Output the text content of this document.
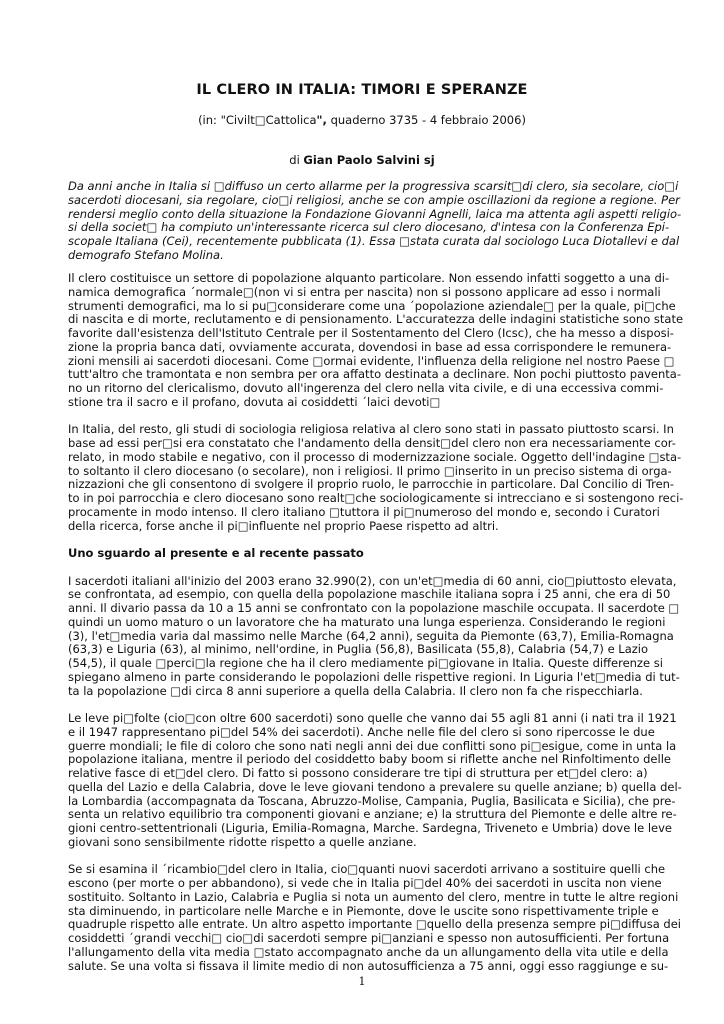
IL CLERO IN ITALIA: TIMORI E SPERANZE
(in: "Civilt□Cattolica", quaderno 3735 - 4 febbraio 2006)
di Gian Paolo Salvini sj
Da anni anche in Italia si □diffuso un certo allarme per la progressiva scarsit□di clero, sia secolare, cio□i
sacerdoti diocesani, sia regolare, cio□i religiosi, anche se con ampie oscillazioni da regione a regione. Per
rendersi meglio conto della situazione la Fondazione Giovanni Agnelli, laica ma attenta agli aspetti religio-
si della societ□ ha compiuto un'interessante ricerca sul clero diocesano, d'intesa con la Conferenza Epi-
scopale Italiana (Cei), recentemente pubblicata (1). Essa □stata curata dal sociologo Luca Diotallevi e dal
demografo Stefano Molina.
Il clero costituisce un settore di popolazione alquanto particolare. Non essendo infatti soggetto a una di-
namica demografica ´normale□(non vi si entra per nascita) non si possono applicare ad esso i normali
strumenti demografici, ma lo si pu□considerare come una ´popolazione aziendale□ per la quale, pi□che
di nascita e di morte, reclutamento e di pensionamento. L'accuratezza delle indagini statistiche sono state
favorite dall'esistenza dell'Istituto Centrale per il Sostentamento del Clero (Icsc), che ha messo a disposi-
zione la propria banca dati, ovviamente accurata, dovendosi in base ad essa corrispondere le remunera-
zioni mensili ai sacerdoti diocesani. Come □ormai evidente, l'influenza della religione nel nostro Paese □
tutt'altro che tramontata e non sembra per ora affatto destinata a declinare. Non pochi piuttosto paventa-
no un ritorno del clericalismo, dovuto all'ingerenza del clero nella vita civile, e di una eccessiva commi-
stione tra il sacro e il profano, dovuta ai cosiddetti ´laici devoti□
In Italia, del resto, gli studi di sociologia religiosa relativa al clero sono stati in passato piuttosto scarsi. In
base ad essi per□si era constatato che l'andamento della densit□del clero non era necessariamente cor-
relato, in modo stabile e negativo, con il processo di modernizzazione sociale. Oggetto dell'indagine □sta-
to soltanto il clero diocesano (o secolare), non i religiosi. Il primo □inserito in un preciso sistema di orga-
nizzazioni che gli consentono di svolgere il proprio ruolo, le parrocchie in particolare. Dal Concilio di Tren-
to in poi parrocchia e clero diocesano sono realt□che sociologicamente si intrecciano e si sostengono reci-
procamente in modo intenso. Il clero italiano □tuttora il pi□numeroso del mondo e, secondo i Curatori
della ricerca, forse anche il pi□influente nel proprio Paese rispetto ad altri.
Uno sguardo al presente e al recente passato
I sacerdoti italiani all'inizio del 2003 erano 32.990(2), con un'et□media di 60 anni, cio□piuttosto elevata,
se confrontata, ad esempio, con quella della popolazione maschile italiana sopra i 25 anni, che era di 50
anni. Il divario passa da 10 a 15 anni se confrontato con la popolazione maschile occupata. Il sacerdote □
quindi un uomo maturo o un lavoratore che ha maturato una lunga esperienza. Considerando le regioni
(3), l'et□media varia dal massimo nelle Marche (64,2 anni), seguita da Piemonte (63,7), Emilia-Romagna
(63,3) e Liguria (63), al minimo, nell'ordine, in Puglia (56,8), Basilicata (55,8), Calabria (54,7) e Lazio
(54,5), il quale □perci□la regione che ha il clero mediamente pi□giovane in Italia. Queste differenze si
spiegano almeno in parte considerando le popolazioni delle rispettive regioni. In Liguria l'et□media di tut-
ta la popolazione □di circa 8 anni superiore a quella della Calabria. Il clero non fa che rispecchiarla.
Le leve pi□folte (cio□con oltre 600 sacerdoti) sono quelle che vanno dai 55 agli 81 anni (i nati tra il 1921
e il 1947 rappresentano pi□del 54% dei sacerdoti). Anche nelle file del clero si sono ripercosse le due
guerre mondiali; le file di coloro che sono nati negli anni dei due conflitti sono pi□esigue, come in unta la
popolazione italiana, mentre il periodo del cosiddetto baby boom si riflette anche nel Rinfoltimento delle
relative fasce di et□del clero. Di fatto si possono considerare tre tipi di struttura per et□del clero: a)
quella del Lazio e della Calabria, dove le leve giovani tendono a prevalere su quelle anziane; b) quella del-
la Lombardia (accompagnata da Toscana, Abruzzo-Molise, Campania, Puglia, Basilicata e Sicilia), che pre-
senta un relativo equilibrio tra componenti giovani e anziane; e) la struttura del Piemonte e delle altre re-
gioni centro-settentrionali (Liguria, Emilia-Romagna, Marche. Sardegna, Triveneto e Umbria) dove le leve
giovani sono sensibilmente ridotte rispetto a quelle anziane.
Se si esamina il ´ricambio□del clero in Italia, cio□quanti nuovi sacerdoti arrivano a sostituire quelli che
escono (per morte o per abbandono), si vede che in Italia pi□del 40% dei sacerdoti in uscita non viene
sostituito. Soltanto in Lazio, Calabria e Puglia si nota un aumento del clero, mentre in tutte le altre regioni
sta diminuendo, in particolare nelle Marche e in Piemonte, dove le uscite sono rispettivamente triple e
quadruple rispetto alle entrate. Un altro aspetto importante □quello della presenza sempre pi□diffusa dei
cosiddetti ´grandi vecchi□ cio□di sacerdoti sempre pi□anziani e spesso non autosufficienti. Per fortuna
l'allungamento della vita media □stato accompagnato anche da un allungamento della vita utile e della
salute. Se una volta si fissava il limite medio di non autosufficienza a 75 anni, oggi esso raggiunge e su-
1
